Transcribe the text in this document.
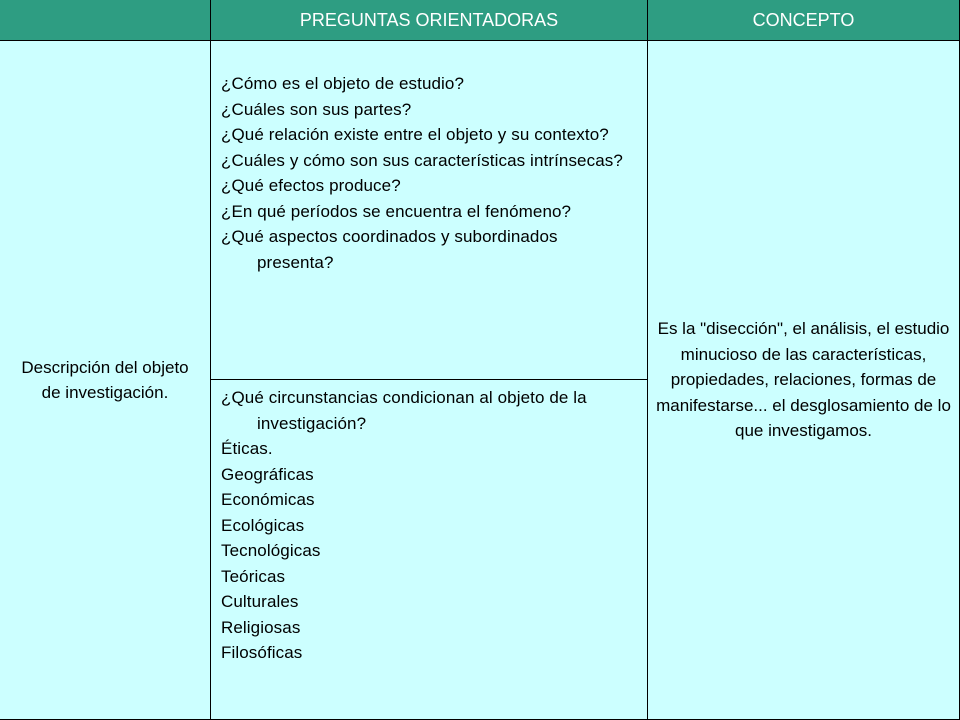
PREGUNTAS ORIENTADORAS	CONCEPTO
Descripción del objeto de investigación.
¿Cómo es el objeto de estudio?
¿Cuáles son sus partes?
¿Qué relación existe entre el objeto y su contexto?
¿Cuáles y cómo son sus características intrínsecas?
¿Qué efectos produce?
¿En qué períodos se encuentra el fenómeno?
¿Qué aspectos coordinados y subordinados presenta?
¿Qué circunstancias condicionan al objeto de la investigación?
Éticas.
Geográficas
Económicas
Ecológicas
Tecnológicas
Teóricas
Culturales
Religiosas
Filosóficas
Es la "disección", el análisis, el estudio minucioso de las características, propiedades, relaciones, formas de manifestarse... el desglosamiento de lo que investigamos.
